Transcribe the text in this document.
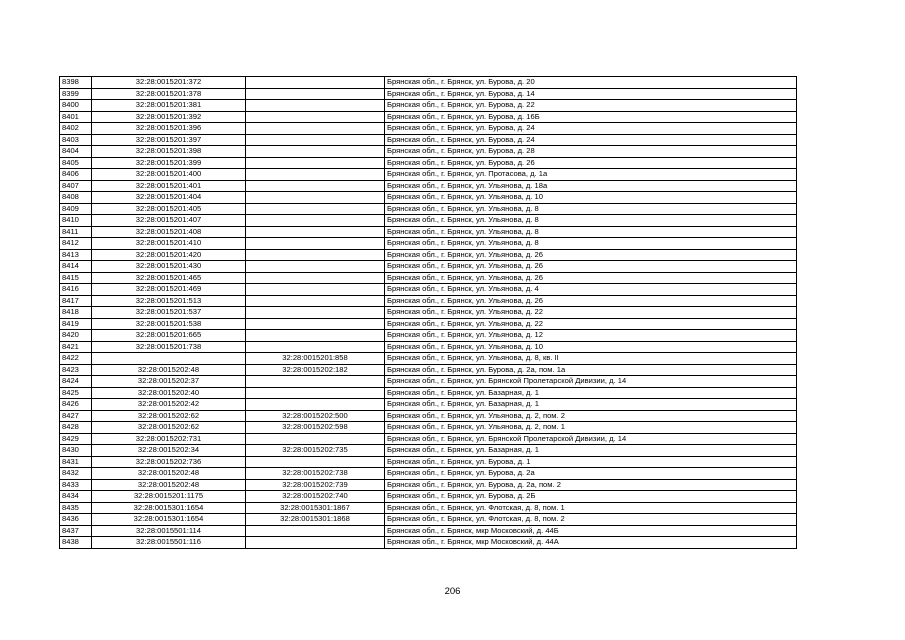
8398	32:28:0015201:372		Брянская обл., г. Брянск, ул. Бурова, д. 20
8399	32:28:0015201:378		Брянская обл., г. Брянск, ул. Бурова, д. 14
8400	32:28:0015201:381		Брянская обл., г. Брянск, ул. Бурова, д. 22
8401	32:28:0015201:392		Брянская обл., г. Брянск, ул. Бурова, д. 16Б
8402	32:28:0015201:396		Брянская обл., г. Брянск, ул. Бурова, д. 24
8403	32:28:0015201:397		Брянская обл., г. Брянск, ул. Бурова, д. 24
8404	32:28:0015201:398		Брянская обл., г. Брянск, ул. Бурова, д. 28
8405	32:28:0015201:399		Брянская обл., г. Брянск, ул. Бурова, д. 26
8406	32:28:0015201:400		Брянская обл., г. Брянск, ул. Протасова, д. 1а
8407	32:28:0015201:401		Брянская обл., г. Брянск, ул. Ульянова, д. 18а
8408	32:28:0015201:404		Брянская обл., г. Брянск, ул. Ульянова, д. 10
8409	32:28:0015201:405		Брянская обл., г. Брянск, ул. Ульянова, д. 8
8410	32:28:0015201:407		Брянская обл., г. Брянск, ул. Ульянова, д. 8
8411	32:28:0015201:408		Брянская обл., г. Брянск, ул. Ульянова, д. 8
8412	32:28:0015201:410		Брянская обл., г. Брянск, ул. Ульянова, д. 8
8413	32:28:0015201:420		Брянская обл., г. Брянск, ул. Ульянова, д. 26
8414	32:28:0015201:430		Брянская обл., г. Брянск, ул. Ульянова, д. 26
8415	32:28:0015201:465		Брянская обл., г. Брянск, ул. Ульянова, д. 26
8416	32:28:0015201:469		Брянская обл., г. Брянск, ул. Ульянова, д. 4
8417	32:28:0015201:513		Брянская обл., г. Брянск, ул. Ульянова, д. 26
8418	32:28:0015201:537		Брянская обл., г. Брянск, ул. Ульянова, д. 22
8419	32:28:0015201:538		Брянская обл., г. Брянск, ул. Ульянова, д. 22
8420	32:28:0015201:665		Брянская обл., г. Брянск, ул. Ульянова, д. 12
8421	32:28:0015201:738		Брянская обл., г. Брянск, ул. Ульянова, д. 10
8422		32:28:0015201:858	Брянская обл., г. Брянск, ул. Ульянова, д. 8, кв. II
8423	32:28:0015202:48	32:28:0015202:182	Брянская обл., г. Брянск, ул. Бурова, д. 2а, пом. 1а
8424	32:28:0015202:37		Брянская обл., г. Брянск, ул. Брянской Пролетарской Дивизии, д. 14
8425	32:28:0015202:40		Брянская обл., г. Брянск, ул. Базарная, д. 1
8426	32:28:0015202:42		Брянская обл., г. Брянск, ул. Базарная, д. 1
8427	32:28:0015202:62	32:28:0015202:500	Брянская обл., г. Брянск, ул. Ульянова, д. 2, пом. 2
8428	32:28:0015202:62	32:28:0015202:598	Брянская обл., г. Брянск, ул. Ульянова, д. 2, пом. 1
8429	32:28:0015202:731		Брянская обл., г. Брянск, ул. Брянской Пролетарской Дивизии, д. 14
8430	32:28:0015202:34	32:28:0015202:735	Брянская обл., г. Брянск, ул. Базарная, д. 1
8431	32:28:0015202:736		Брянская обл., г. Брянск, ул. Бурова, д. 1
8432	32:28:0015202:48	32:28:0015202:738	Брянская обл., г. Брянск, ул. Бурова, д. 2а
8433	32:28:0015202:48	32:28:0015202:739	Брянская обл., г. Брянск, ул. Бурова, д. 2а, пом. 2
8434	32:28:0015201:1175	32:28:0015202:740	Брянская обл., г. Брянск, ул. Бурова, д. 2Б
8435	32:28:0015301:1654	32:28:0015301:1867	Брянская обл., г. Брянск, ул. Флотская, д. 8, пом. 1
8436	32:28:0015301:1654	32:28:0015301:1868	Брянская обл., г. Брянск, ул. Флотская, д. 8, пом. 2
8437	32:28:0015501:114		Брянская обл., г. Брянск, мкр Московский, д. 44Б
8438	32:28:0015501:116		Брянская обл., г. Брянск, мкр Московский, д. 44А
206
